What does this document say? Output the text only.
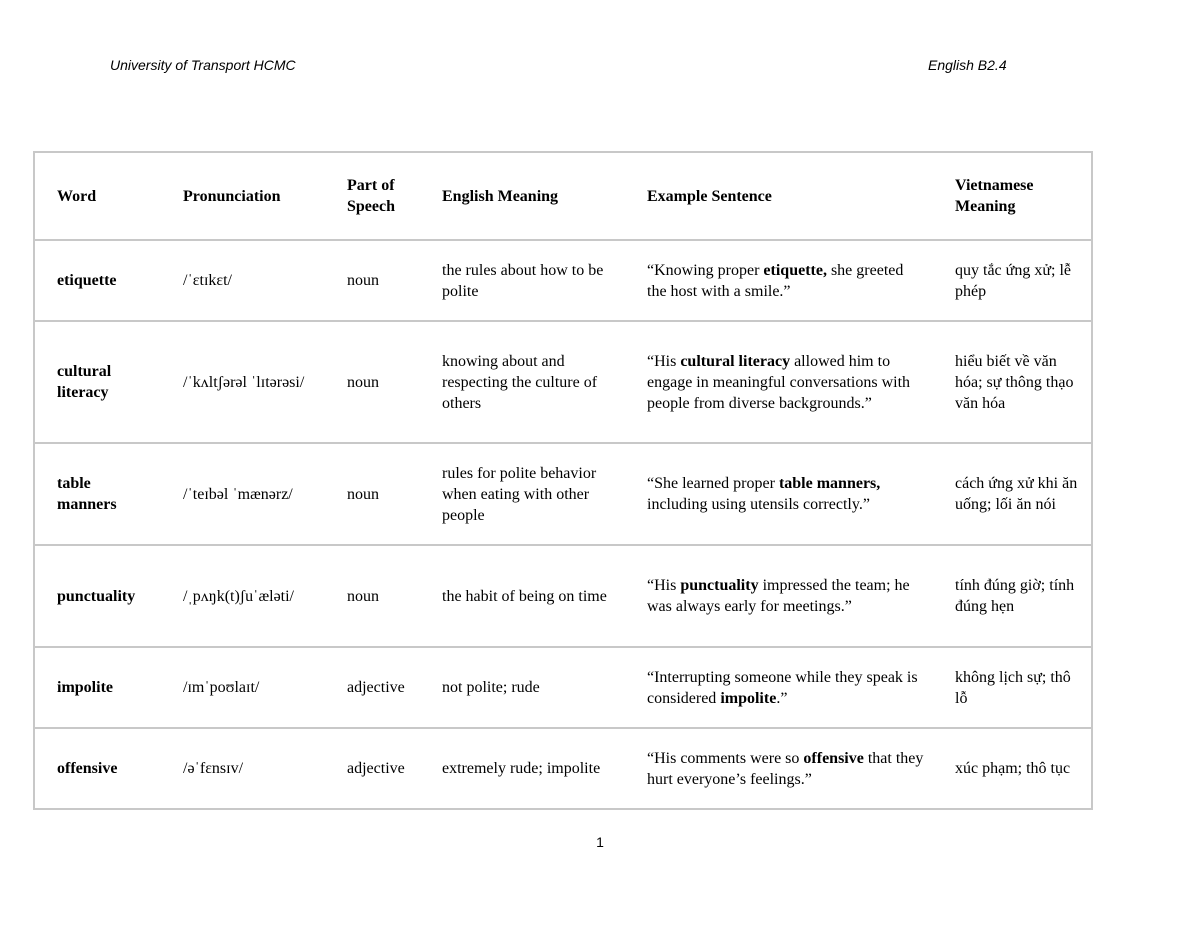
University of Transport HCMC	English B2.4
Word	Pronunciation	Part of Speech	English Meaning	Example Sentence	Vietnamese Meaning
etiquette	/ˈɛtɪkɛt/	noun	the rules about how to be polite	“Knowing proper etiquette, she greeted the host with a smile.”	quy tắc ứng xử; lễ phép
cultural literacy	/ˈkʌltʃərəl ˈlɪtərəsi/	noun	knowing about and respecting the culture of others	“His cultural literacy allowed him to engage in meaningful conversations with people from diverse backgrounds.”	hiểu biết về văn hóa; sự thông thạo văn hóa
table manners	/ˈteɪbəl ˈmænərz/	noun	rules for polite behavior when eating with other people	“She learned proper table manners, including using utensils correctly.”	cách ứng xử khi ăn uống; lối ăn nói
punctuality	/ˌpʌŋk(t)ʃuˈæləti/	noun	the habit of being on time	“His punctuality impressed the team; he was always early for meetings.”	tính đúng giờ; tính đúng hẹn
impolite	/ɪmˈpoʊlaɪt/	adjective	not polite; rude	“Interrupting someone while they speak is considered impolite.”	không lịch sự; thô lỗ
offensive	/əˈfɛnsɪv/	adjective	extremely rude; impolite	“His comments were so offensive that they hurt everyone’s feelings.”	xúc phạm; thô tục
1
